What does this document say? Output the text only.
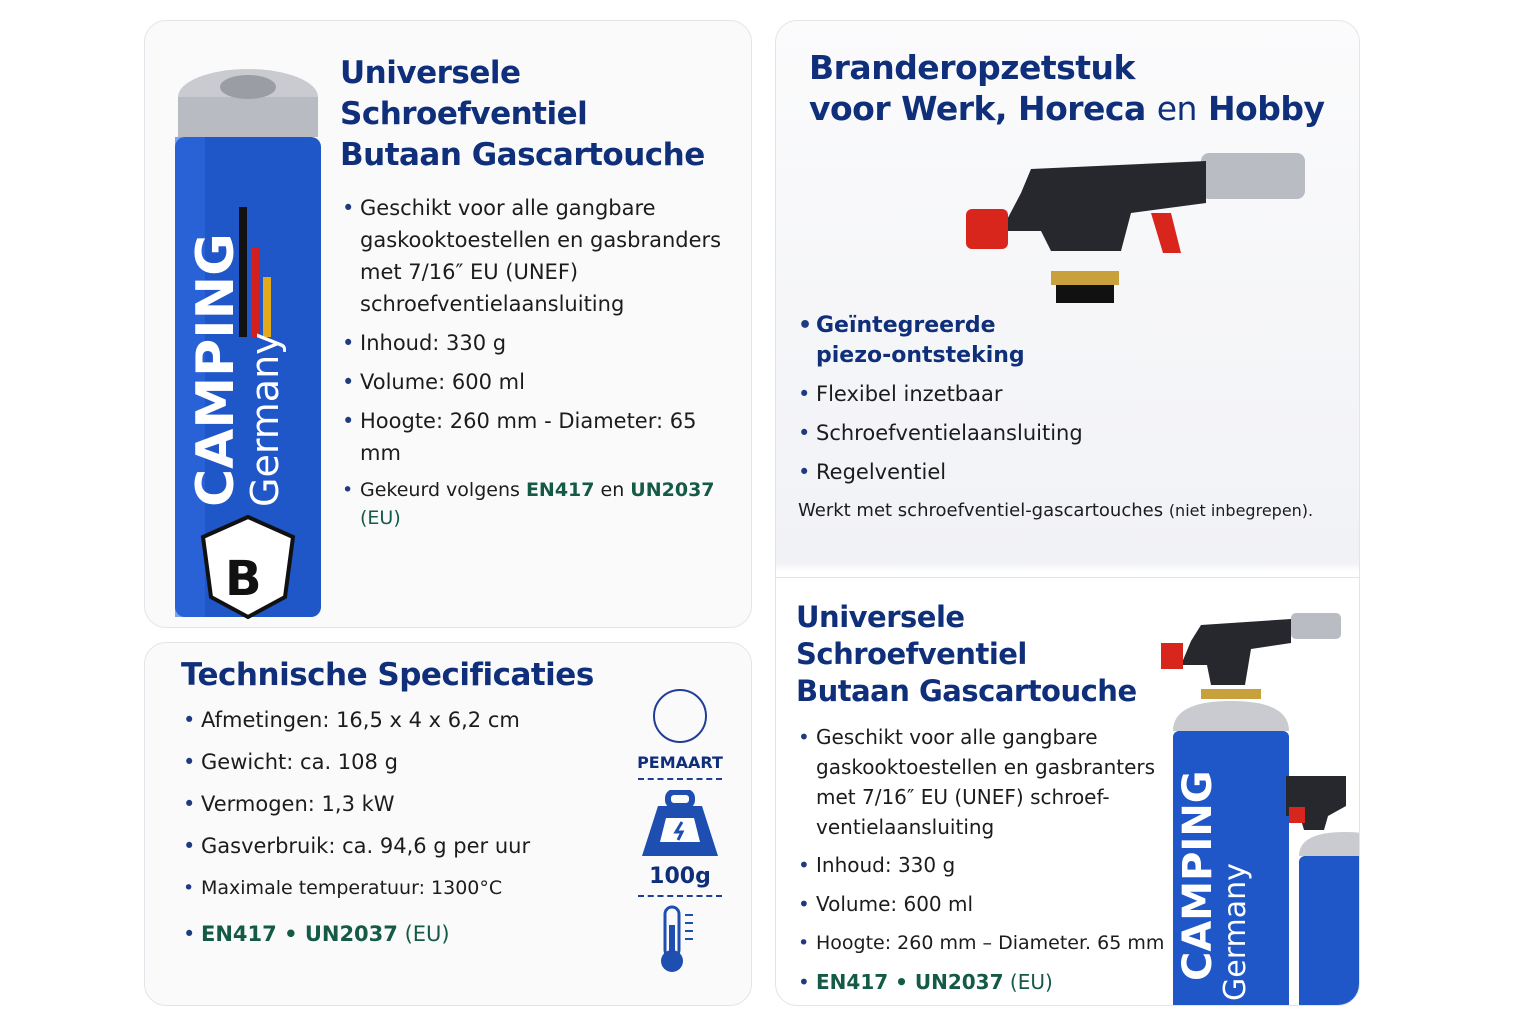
CAMPING
Germany
B
Universele Schroefventiel
Butaan Gascartouche
• Geschikt voor alle gangbare gaskooktoestellen en gasbranders met 7/16″ EU (UNEF) schroefventielaansluiting
• Inhoud: 330 g
• Volume: 600 ml
• Hoogte: 260 mm - Diameter: 65 mm
• Gekeurd volgens EN417 en UN2037 (EU)
Technische Specificaties
• Afmetingen: 16,5 x 4 x 6,2 cm
• Gewicht: ca. 108 g
• Vermogen: 1,3 kW
• Gasverbruik: ca. 94,6 g per uur
• Maximale temperatuur: 1300°C
• EN417 • UN2037 (EU)
PEMAART
100g
Branderopzetstuk
voor Werk, Horeca en Hobby
• Geïntegreerde piezo-ontsteking
• Flexibel inzetbaar
• Schroefventielaansluiting
• Regelventiel
Werkt met schroefventiel-gascartouches (niet inbegrepen).
Universele Schroefventiel
Butaan Gascartouche
• Geschikt voor alle gangbare gaskooktoestellen en gasbranters met 7/16″ EU (UNEF) schroef-ventielaansluiting
• Inhoud: 330 g
• Volume: 600 ml
• Hoogte: 260 mm – Diameter. 65 mm
• EN417 • UN2037 (EU)
CAMPING
Germany
